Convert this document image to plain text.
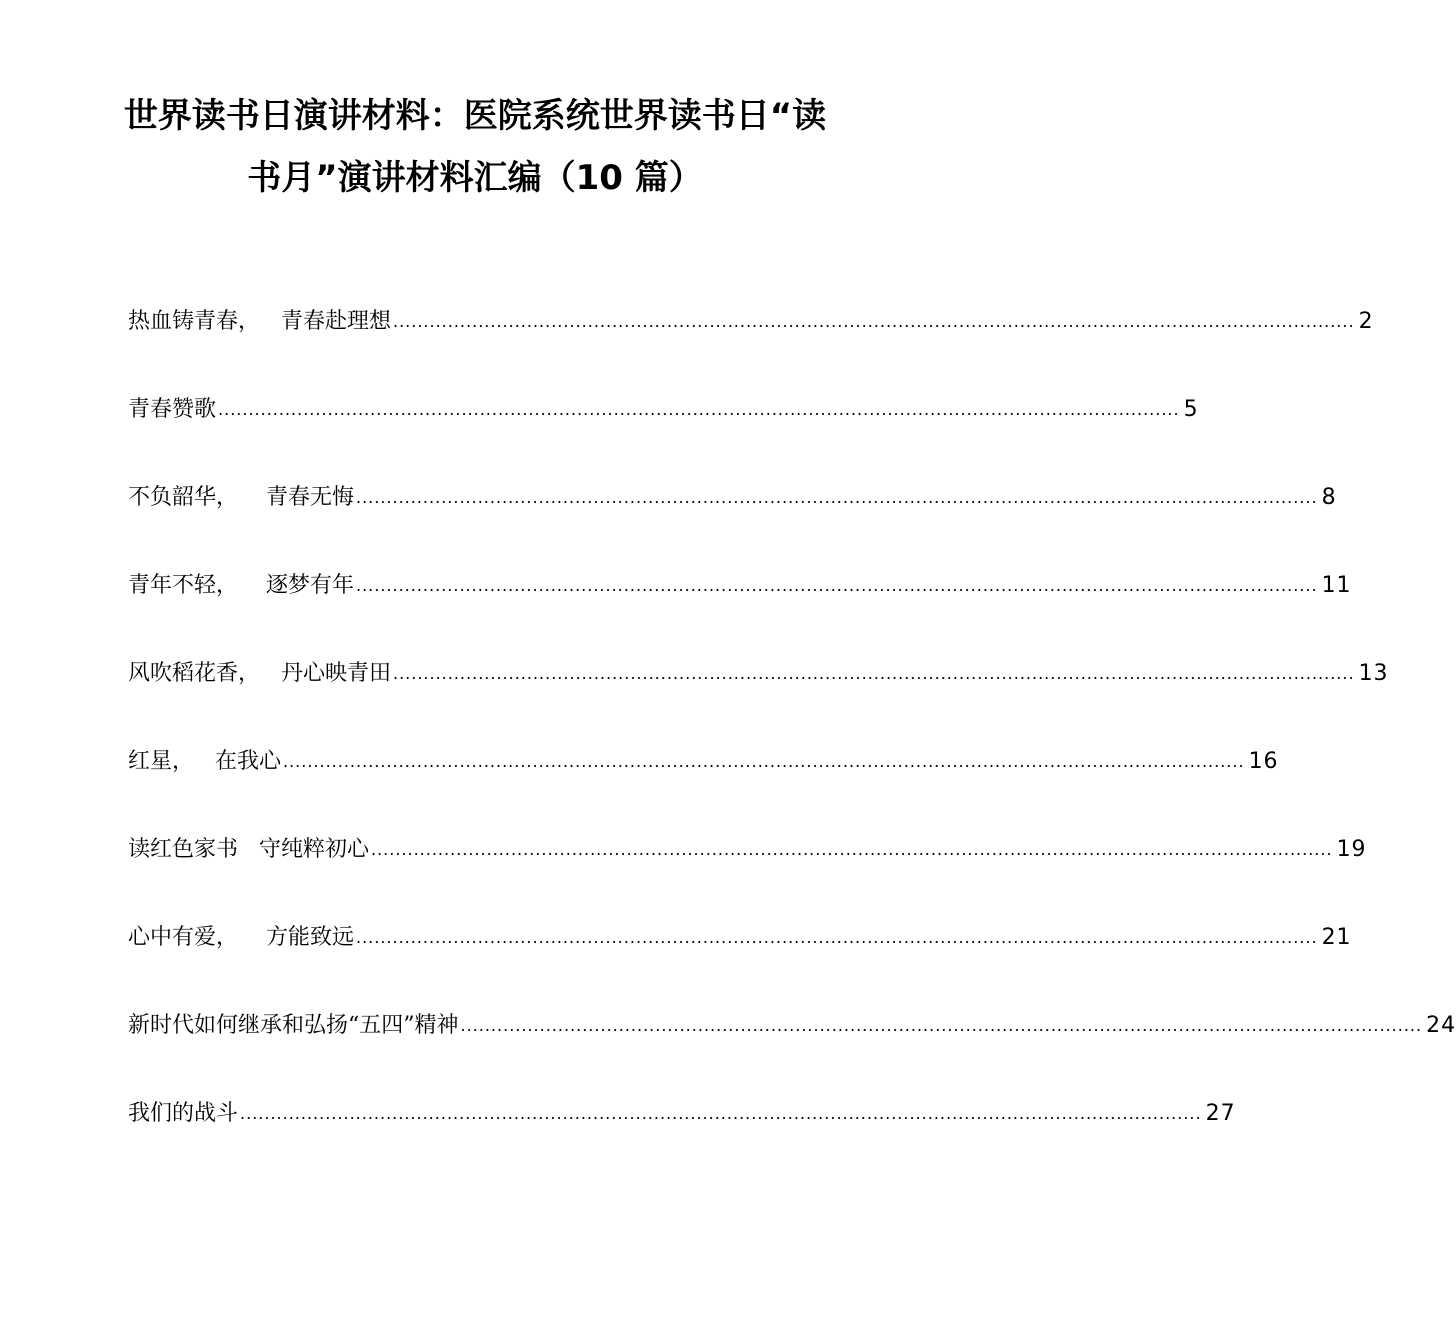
世界读书日演讲材料：医院系统世界读书日“读
书月”演讲材料汇编（10 篇）
热血铸青春，   青春赴理想 .............................................................................................................................................................. 2
青春赞歌 .............................................................................................................................................................. 5
不负韶华，    青春无悔 .............................................................................................................................................................. 8
青年不轻，    逐梦有年 .............................................................................................................................................................. 11
风吹稻花香，   丹心映青田 .............................................................................................................................................................. 13
红星，   在我心 .............................................................................................................................................................. 16
读红色家书   守纯粹初心 .............................................................................................................................................................. 19
心中有爱，    方能致远 .............................................................................................................................................................. 21
新时代如何继承和弘扬“五四”精神 .............................................................................................................................................................. 24
我们的战斗 .............................................................................................................................................................. 27
